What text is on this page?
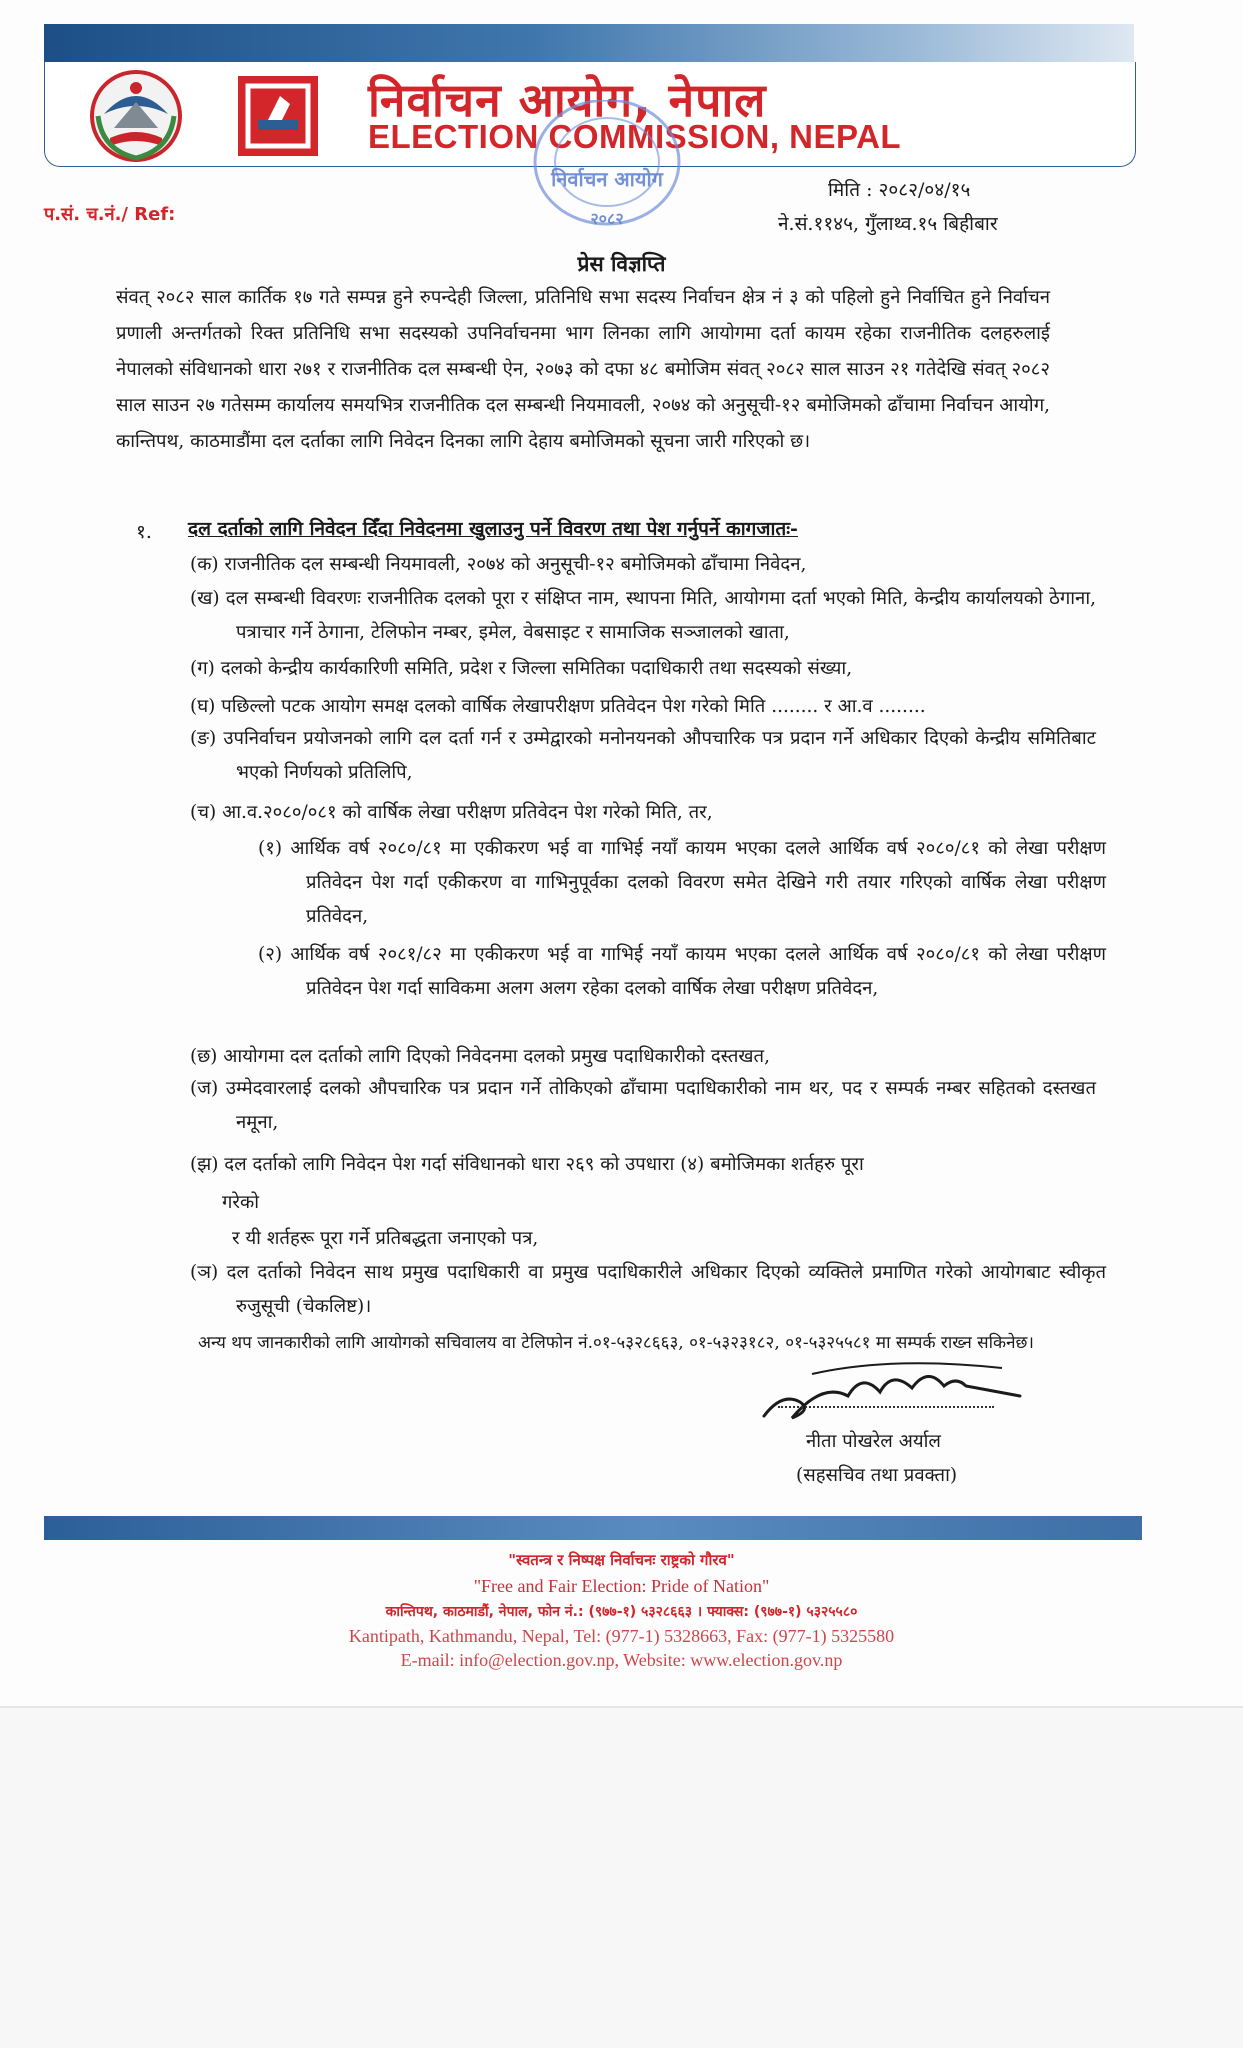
निर्वाचन आयोग, नेपाल
ELECTION COMMISSION, NEPAL
निर्वाचन आयोग
२०८२
प.सं. च.नं./ Ref:
मिति : २०८२/०४/१५
ने.सं.११४५, गुँलाथ्व.१५ बिहीबार
प्रेस विज्ञप्ति

संवत् २०८२ साल कार्तिक १७ गते सम्पन्न हुने रुपन्देही जिल्ला, प्रतिनिधि सभा सदस्य निर्वाचन क्षेत्र नं ३ को पहिलो हुने निर्वाचित हुने निर्वाचन प्रणाली अन्तर्गतको रिक्त प्रतिनिधि सभा सदस्यको उपनिर्वाचनमा भाग लिनका लागि आयोगमा दर्ता कायम रहेका राजनीतिक दलहरुलाई नेपालको संविधानको धारा २७१ र राजनीतिक दल सम्बन्धी ऐन, २०७३ को दफा ४८ बमोजिम संवत् २०८२ साल साउन २१ गतेदेखि संवत् २०८२ साल साउन २७ गतेसम्म कार्यालय समयभित्र राजनीतिक दल सम्बन्धी नियमावली, २०७४ को अनुसूची-१२ बमोजिमको ढाँचामा निर्वाचन आयोग, कान्तिपथ, काठमाडौंमा दल दर्ताका लागि निवेदन दिनका लागि देहाय बमोजिमको सूचना जारी गरिएको छ।

१. दल दर्ताको लागि निवेदन दिँदा निवेदनमा खुलाउनु पर्ने विवरण तथा पेश गर्नुपर्ने कागजातः-

(क) राजनीतिक दल सम्बन्धी नियमावली, २०७४ को अनुसूची-१२ बमोजिमको ढाँचामा निवेदन,

(ख) दल सम्बन्धी विवरणः राजनीतिक दलको पूरा र संक्षिप्त नाम, स्थापना मिति, आयोगमा दर्ता भएको मिति, केन्द्रीय कार्यालयको ठेगाना, पत्राचार गर्ने ठेगाना, टेलिफोन नम्बर, इमेल, वेबसाइट र सामाजिक सञ्जालको खाता,

(ग) दलको केन्द्रीय कार्यकारिणी समिति, प्रदेश र जिल्ला समितिका पदाधिकारी तथा सदस्यको संख्या,

(घ) पछिल्लो पटक आयोग समक्ष दलको वार्षिक लेखापरीक्षण प्रतिवेदन पेश गरेको मिति ........ र आ.व ........

(ङ) उपनिर्वाचन प्रयोजनको लागि दल दर्ता गर्न र उम्मेद्वारको मनोनयनको औपचारिक पत्र प्रदान गर्ने अधिकार दिएको केन्द्रीय समितिबाट भएको निर्णयको प्रतिलिपि,

(च) आ.व.२०८०/०८१ को वार्षिक लेखा परीक्षण प्रतिवेदन पेश गरेको मिति, तर,

(१) आर्थिक वर्ष २०८०/८१ मा एकीकरण भई वा गाभिई नयाँ कायम भएका दलले आर्थिक वर्ष २०८०/८१ को लेखा परीक्षण प्रतिवेदन पेश गर्दा एकीकरण वा गाभिनुपूर्वका दलको विवरण समेत देखिने गरी तयार गरिएको वार्षिक लेखा परीक्षण प्रतिवेदन,

(२) आर्थिक वर्ष २०८१/८२ मा एकीकरण भई वा गाभिई नयाँ कायम भएका दलले आर्थिक वर्ष २०८०/८१ को लेखा परीक्षण प्रतिवेदन पेश गर्दा साविकमा अलग अलग रहेका दलको वार्षिक लेखा परीक्षण प्रतिवेदन,

(छ) आयोगमा दल दर्ताको लागि दिएको निवेदनमा दलको प्रमुख पदाधिकारीको दस्तखत,

(ज) उम्मेदवारलाई दलको औपचारिक पत्र प्रदान गर्ने तोकिएको ढाँचामा पदाधिकारीको नाम थर, पद र सम्पर्क नम्बर सहितको दस्तखत नमूना,

(झ) दल दर्ताको लागि निवेदन पेश गर्दा संविधानको धारा २६९ को उपधारा (४) बमोजिमका शर्तहरु पूरा

गरेको

र यी शर्तहरू पूरा गर्ने प्रतिबद्धता जनाएको पत्र,

(ञ) दल दर्ताको निवेदन साथ प्रमुख पदाधिकारी वा प्रमुख पदाधिकारीले अधिकार दिएको व्यक्तिले प्रमाणित गरेको आयोगबाट स्वीकृत रुजुसूची (चेकलिष्ट)।

अन्य थप जानकारीको लागि आयोगको सचिवालय वा टेलिफोन नं.०१-५३२८६६३, ०१-५३२३१८२, ०१-५३२५५८१ मा सम्पर्क राख्न सकिनेछ।

नीता पोखरेल अर्याल
(सहसचिव तथा प्रवक्ता)
"स्वतन्त्र र निष्पक्ष निर्वाचनः राष्ट्रको गौरव"
"Free and Fair Election: Pride of Nation"
कान्तिपथ, काठमाडौं, नेपाल, फोन नं.: (९७७-१) ५३२८६६३ । फ्याक्स: (९७७-१) ५३२५५८०
Kantipath, Kathmandu, Nepal, Tel: (977-1) 5328663, Fax: (977-1) 5325580
E-mail: info@election.gov.np, Website: www.election.gov.np
